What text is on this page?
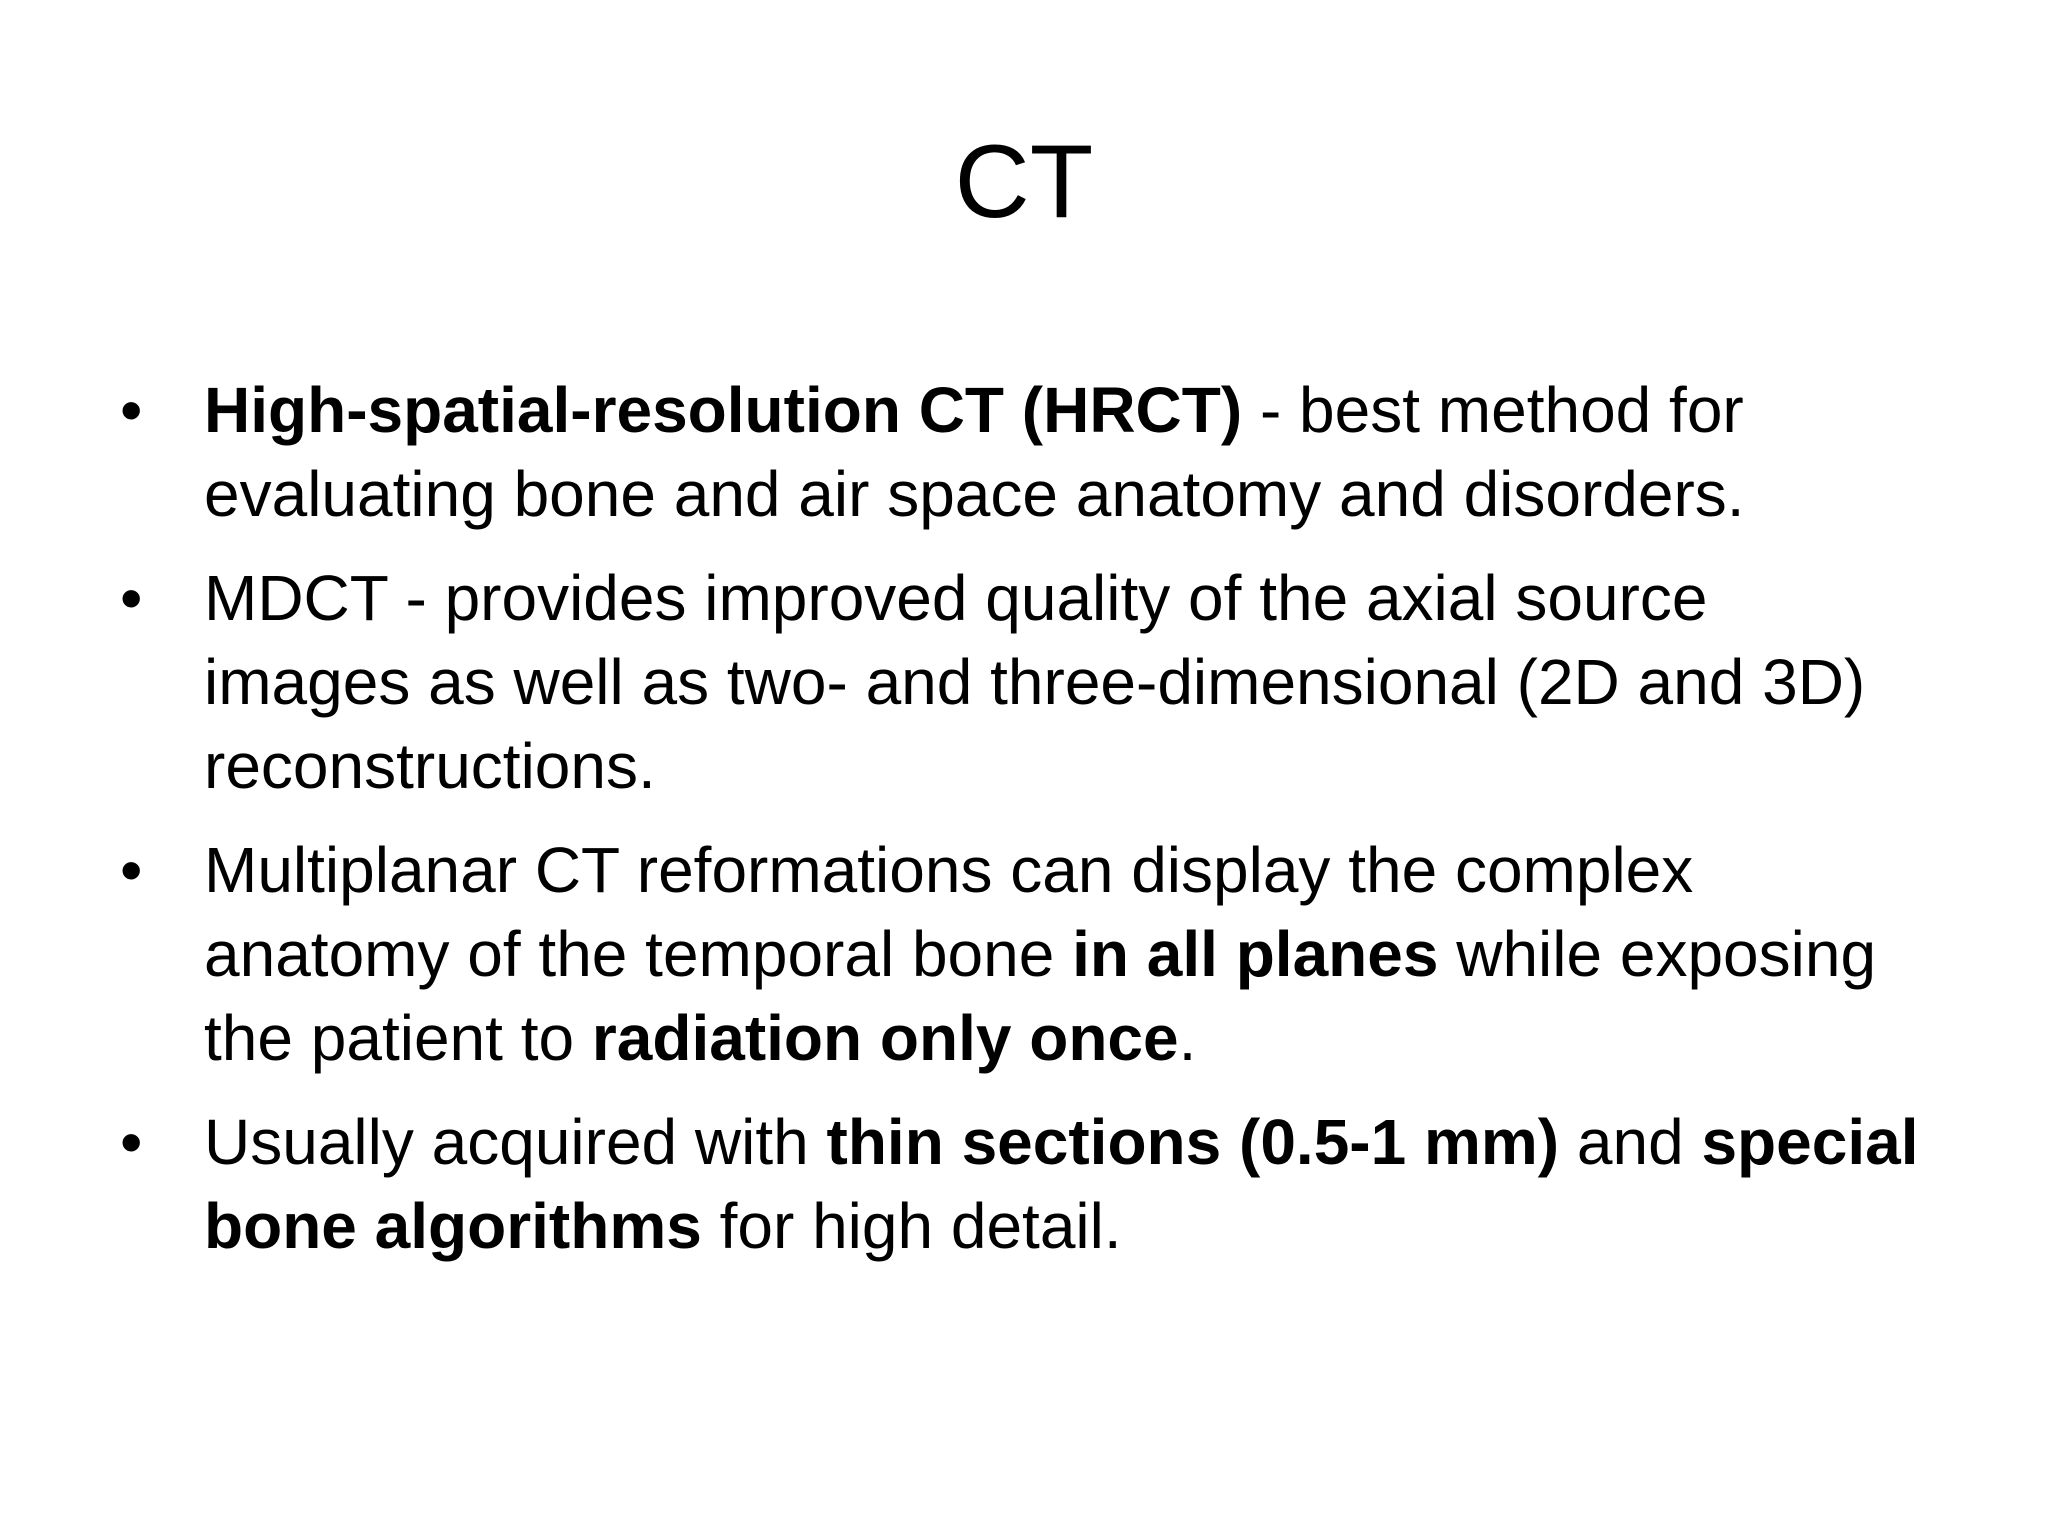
CT
• High-spatial-resolution CT (HRCT) - best method for evaluating bone and air space anatomy and disorders.
• MDCT - provides improved quality of the axial source images as well as two- and three-dimensional (2D and 3D) reconstructions.
• Multiplanar CT reformations can display the complex anatomy of the temporal bone in all planes while exposing the patient to radiation only once.
• Usually acquired with thin sections (0.5-1 mm) and special bone algorithms for high detail.
